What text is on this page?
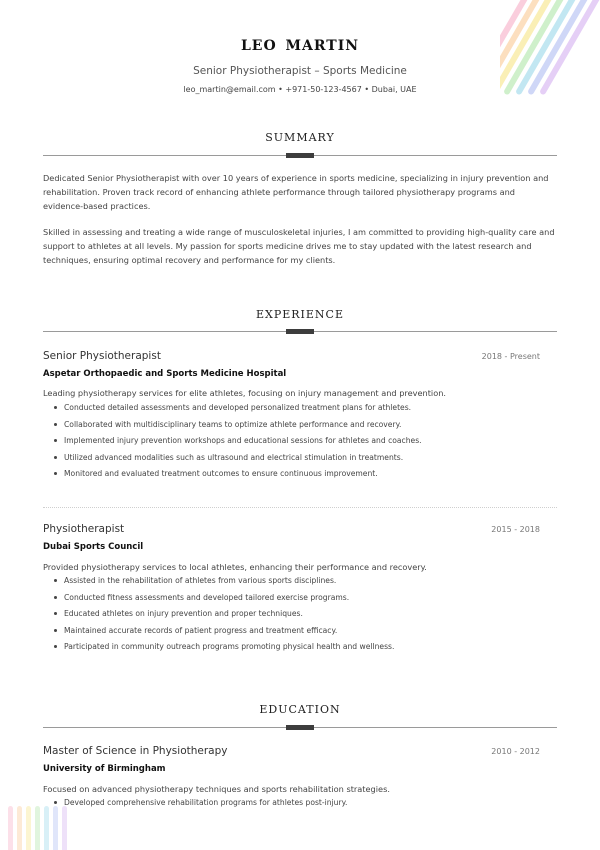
LEO MARTIN
Senior Physiotherapist – Sports Medicine
leo_martin@email.com • +971-50-123-4567 • Dubai, UAE
SUMMARY
Dedicated Senior Physiotherapist with over 10 years of experience in sports medicine, specializing in injury prevention and rehabilitation. Proven track record of enhancing athlete performance through tailored physiotherapy programs and evidence-based practices.
Skilled in assessing and treating a wide range of musculoskeletal injuries, I am committed to providing high-quality care and support to athletes at all levels. My passion for sports medicine drives me to stay updated with the latest research and techniques, ensuring optimal recovery and performance for my clients.
EXPERIENCE
Senior Physiotherapist	2018 - Present
Aspetar Orthopaedic and Sports Medicine Hospital
Leading physiotherapy services for elite athletes, focusing on injury management and prevention.
Conducted detailed assessments and developed personalized treatment plans for athletes.
Collaborated with multidisciplinary teams to optimize athlete performance and recovery.
Implemented injury prevention workshops and educational sessions for athletes and coaches.
Utilized advanced modalities such as ultrasound and electrical stimulation in treatments.
Monitored and evaluated treatment outcomes to ensure continuous improvement.
Physiotherapist	2015 - 2018
Dubai Sports Council
Provided physiotherapy services to local athletes, enhancing their performance and recovery.
Assisted in the rehabilitation of athletes from various sports disciplines.
Conducted fitness assessments and developed tailored exercise programs.
Educated athletes on injury prevention and proper techniques.
Maintained accurate records of patient progress and treatment efficacy.
Participated in community outreach programs promoting physical health and wellness.
EDUCATION
Master of Science in Physiotherapy	2010 - 2012
University of Birmingham
Focused on advanced physiotherapy techniques and sports rehabilitation strategies.
Developed comprehensive rehabilitation programs for athletes post-injury.
